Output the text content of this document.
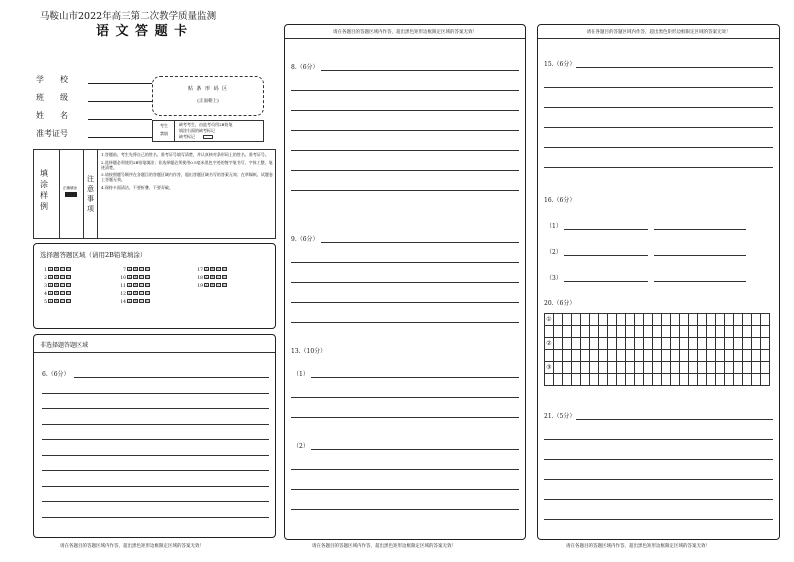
马鞍山市2022年高三第二次教学质量监测
语 文 答 题 卡
学　　校
班　　级
姓　　名
准考证号
贴 条 形 码 区
(正面朝上)
考生
禁填
缺考考生，由监考员用2B铅笔
填涂右面的缺考标记
缺考标记
填涂样例
正确填涂
注意事项
1.答题前，考生先将自己的姓名、准考证号填写清楚，并认真核对条形码上的姓名、准考证号。
2.选择题必须使用2B铅笔填涂；非选择题必须使用0.5毫米黑色字迹的签字笔书写，字体工整、笔迹清楚。
3.请按照题号顺序在各题目的答题区域内作答，超出答题区域书写的答案无效；在草稿纸、试题卷上答题无效。
4.保持卡面清洁，不要折叠、不要弄破。
选择题答题区域（请用2B铅笔填涂）
1 A B C D
2 A B C D
3 A B C D
4 A B C D
5 A B C D
7 A B C D
10 A B C D
11 A B C D
12 A B C D
14 A B C D
17 A B C D
18 A B C D
19 A B C D
非选择题答题区域
6.（6分）
请在各题目的答题区域内作答，超出黑色矩形边框限定区域的答案无效！
请在各题目的答题区域内作答，超出黑色矩形边框限定区域的答案无效！
8.（6分）
9.（6分）
13.（10分）
（1）
（2）
请在各题目的答题区域内作答，超出黑色矩形边框限定区域的答案无效！
请在各题目的答题区域内作答，超出黑色矩形边框限定区域的答案无效！
15.（6分）
16.（6分）
（1）
（2）
（3）
20.（6分）
①																								

②																								

③																								

21.（5分）
请在各题目的答题区域内作答，超出黑色矩形边框限定区域的答案无效！
